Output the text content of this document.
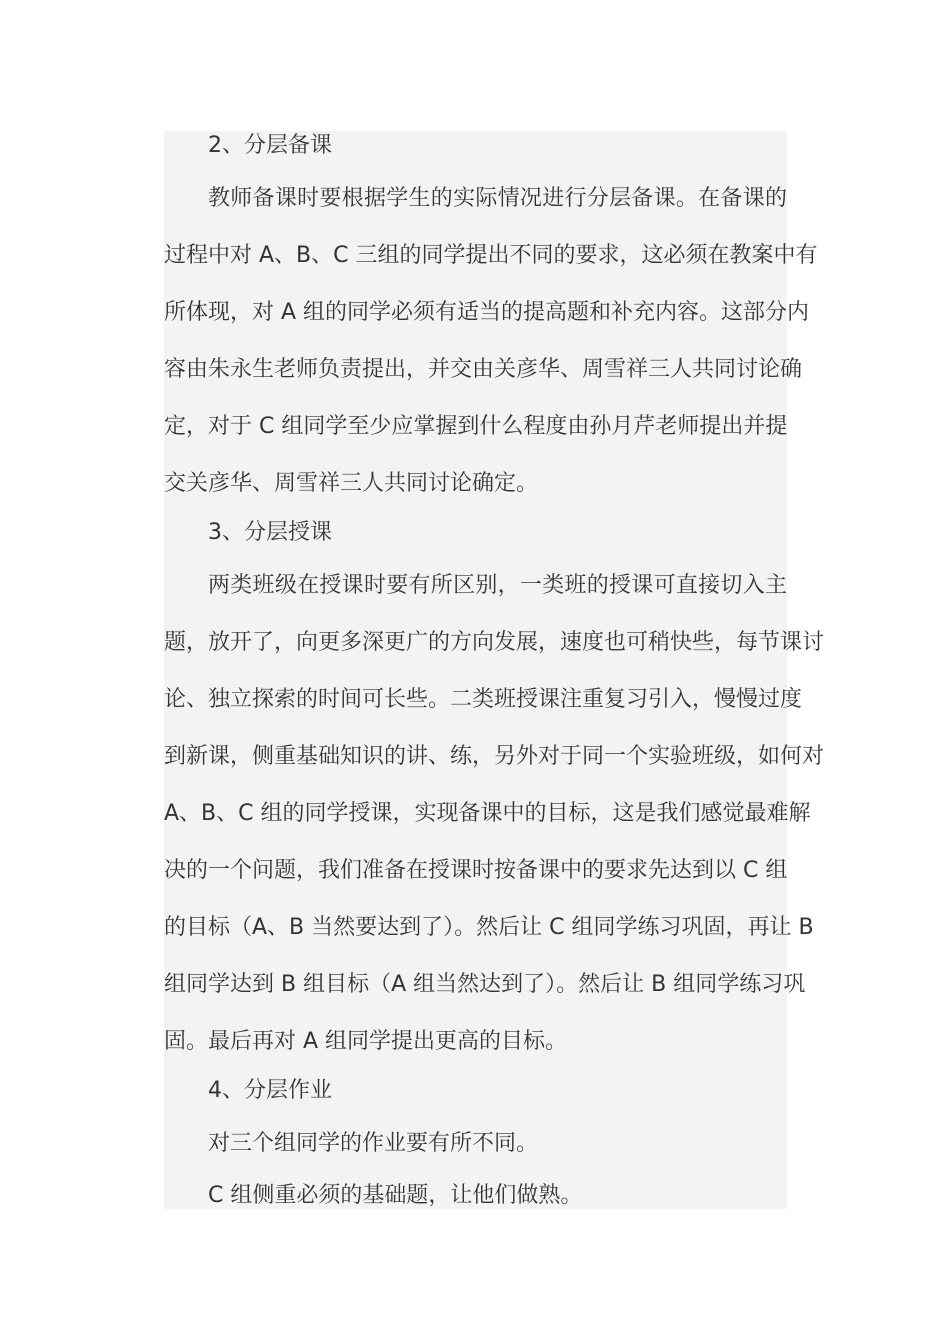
2、分层备课
教师备课时要根据学生的实际情况进行分层备课。在备课的
过程中对 A、B、C 三组的同学提出不同的要求，这必须在教案中有
所体现，对 A 组的同学必须有适当的提高题和补充内容。这部分内
容由朱永生老师负责提出，并交由关彦华、周雪祥三人共同讨论确
定，对于 C 组同学至少应掌握到什么程度由孙月芹老师提出并提
交关彦华、周雪祥三人共同讨论确定。
3、分层授课
两类班级在授课时要有所区别，一类班的授课可直接切入主
题，放开了，向更多深更广的方向发展，速度也可稍快些，每节课讨
论、独立探索的时间可长些。二类班授课注重复习引入，慢慢过度
到新课，侧重基础知识的讲、练，另外对于同一个实验班级，如何对
A、B、C 组的同学授课，实现备课中的目标，这是我们感觉最难解
决的一个问题，我们准备在授课时按备课中的要求先达到以 C 组
的目标（A、B 当然要达到了）。然后让 C 组同学练习巩固，再让 B
组同学达到 B 组目标（A 组当然达到了）。然后让 B 组同学练习巩
固。最后再对 A 组同学提出更高的目标。
4、分层作业
对三个组同学的作业要有所不同。
C 组侧重必须的基础题，让他们做熟。
